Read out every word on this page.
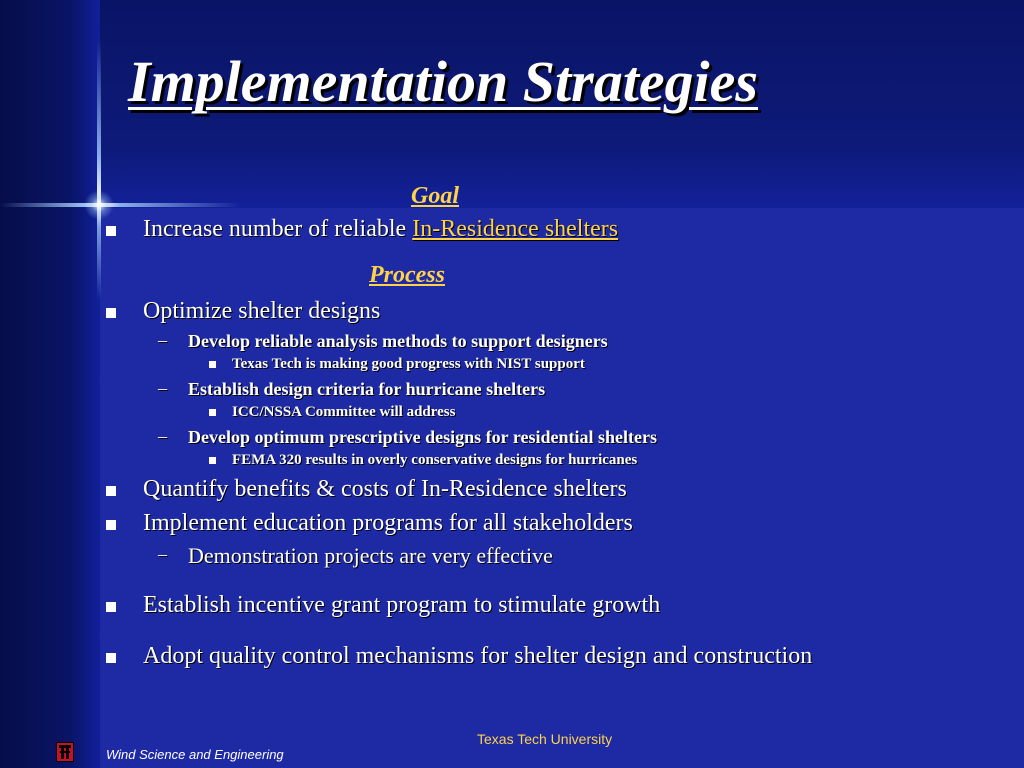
Implementation Strategies
Goal
Increase number of reliable In-Residence shelters
Process
Optimize shelter designs
– Develop reliable analysis methods to support designers
Texas Tech is making good progress with NIST support
– Establish design criteria for hurricane shelters
ICC/NSSA Committee will address
– Develop optimum prescriptive designs for residential shelters
FEMA 320 results in overly conservative designs for hurricanes
Quantify benefits & costs of In-Residence shelters
Implement education programs for all stakeholders
– Demonstration projects are very effective
Establish incentive grant program to stimulate growth
Adopt quality control mechanisms for shelter design and construction
Texas Tech University
Wind Science and Engineering
